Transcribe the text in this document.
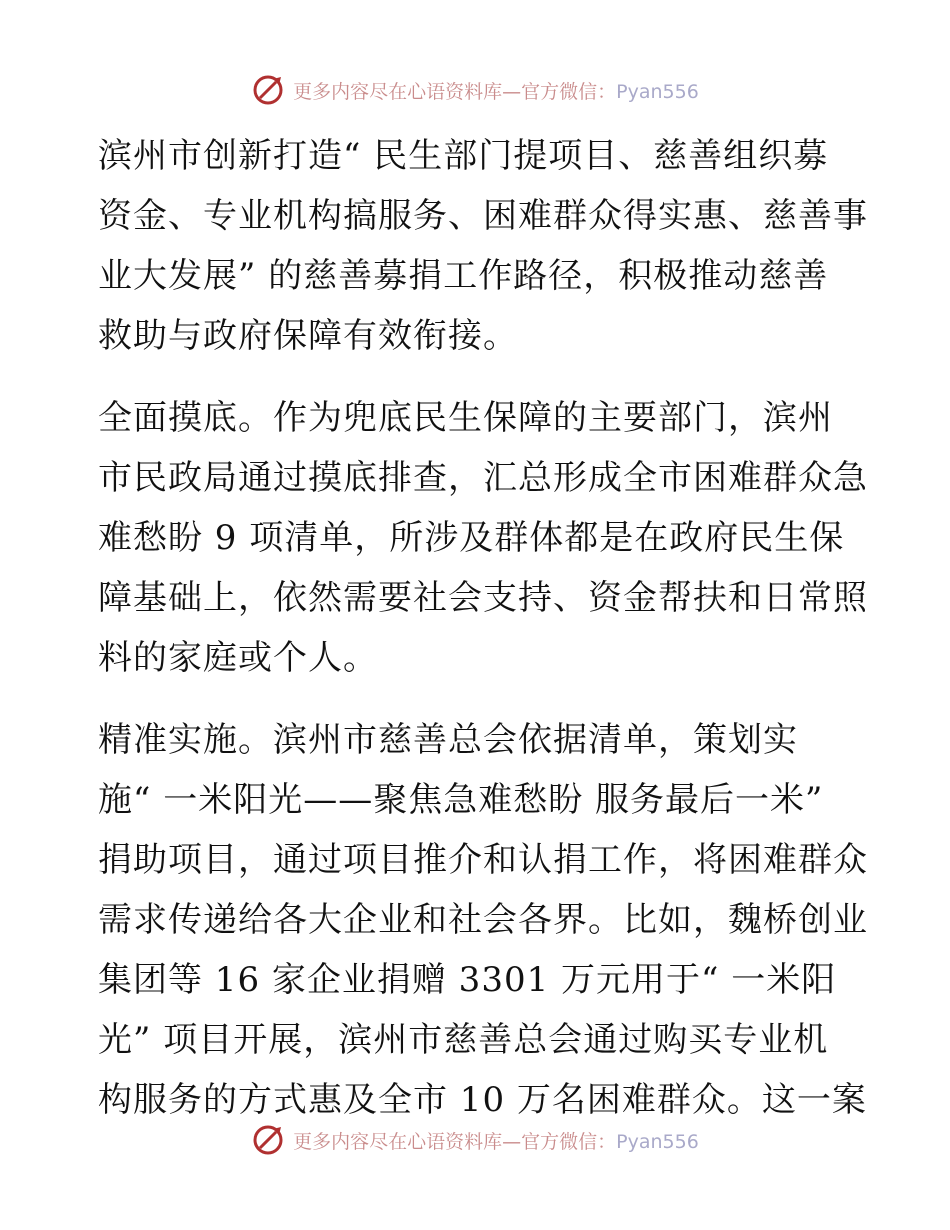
更多内容尽在心语资料库—官方微信：Pyan556
滨州市创新打造“ 民生部门提项目、慈善组织募
资金、专业机构搞服务、困难群众得实惠、慈善事
业大发展” 的慈善募捐工作路径，积极推动慈善
救助与政府保障有效衔接。
全面摸底。作为兜底民生保障的主要部门，滨州
市民政局通过摸底排查，汇总形成全市困难群众急
难愁盼 9 项清单，所涉及群体都是在政府民生保
障基础上，依然需要社会支持、资金帮扶和日常照
料的家庭或个人。
精准实施。滨州市慈善总会依据清单，策划实
施“ 一米阳光——聚焦急难愁盼 服务最后一米”
捐助项目，通过项目推介和认捐工作，将困难群众
需求传递给各大企业和社会各界。比如，魏桥创业
集团等 16 家企业捐赠 3301 万元用于“ 一米阳
光” 项目开展，滨州市慈善总会通过购买专业机
构服务的方式惠及全市 10 万名困难群众。这一案
更多内容尽在心语资料库—官方微信：Pyan556
